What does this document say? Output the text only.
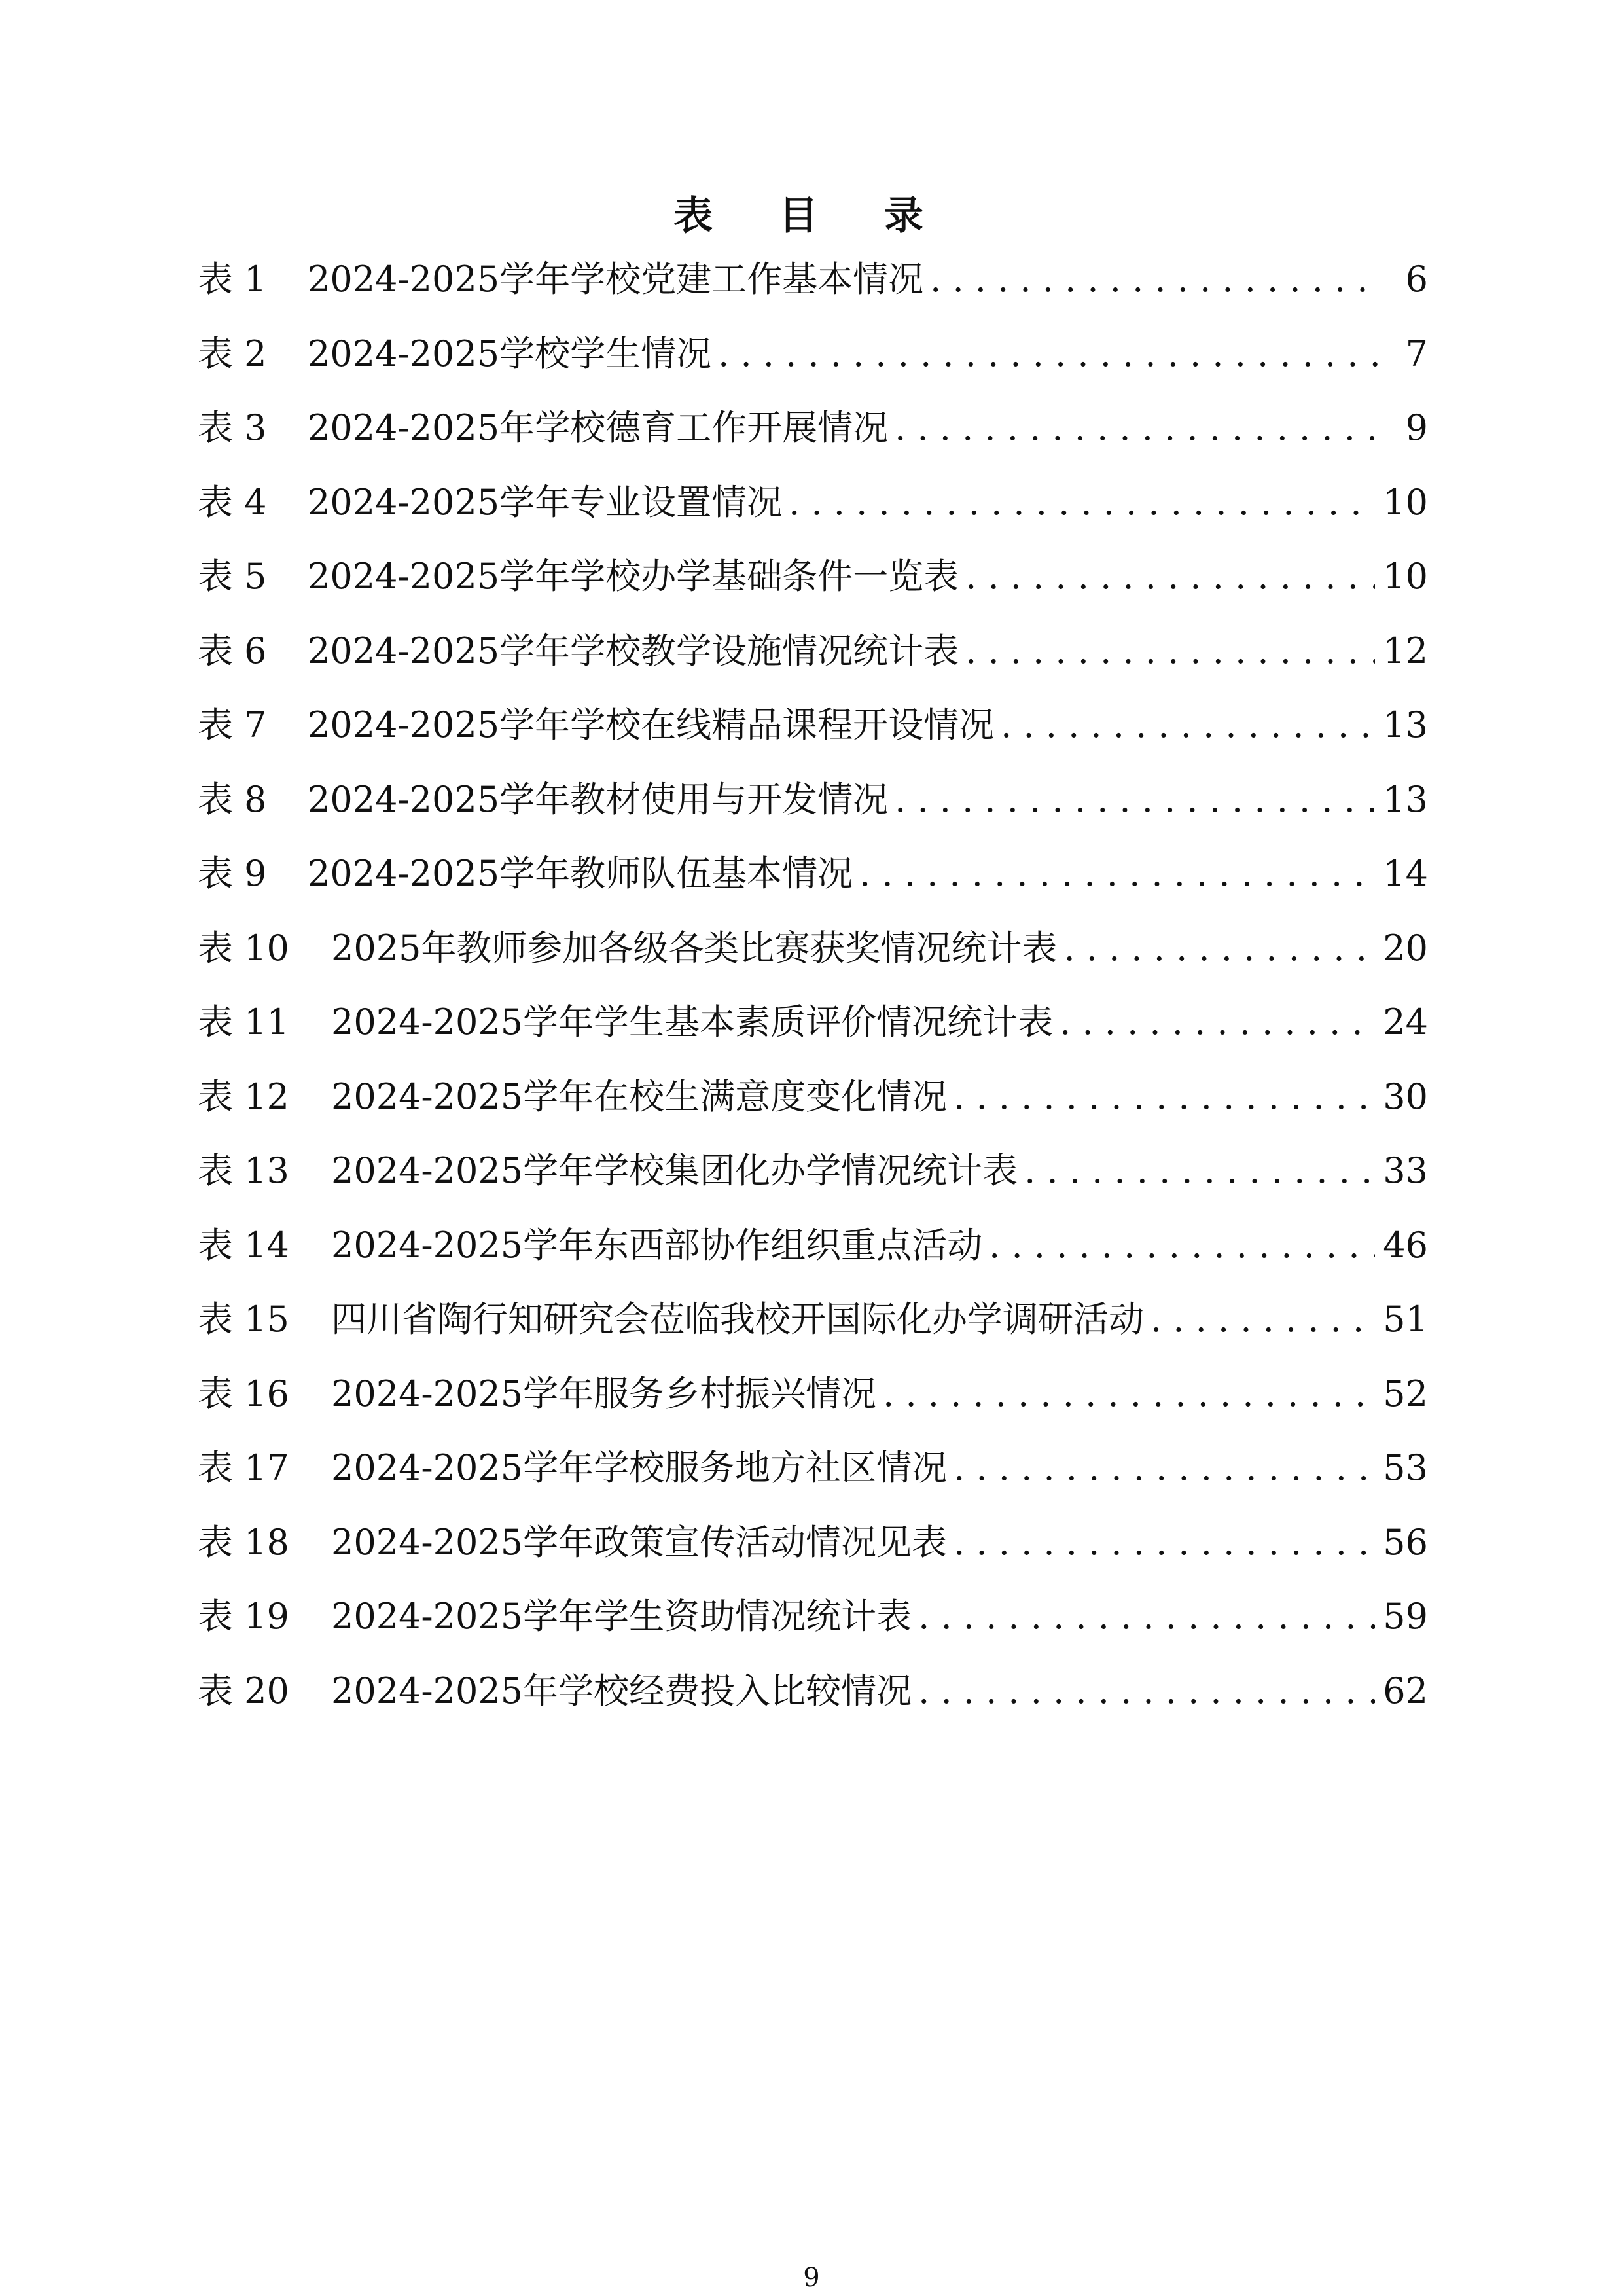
表 目 录
表 1	2024-2025学年学校党建工作基本情况 . . .	6
表 2	2024-2025学校学生情况 . . .	7
表 3	2024-2025年学校德育工作开展情况 . . .	9
表 4	2024-2025学年专业设置情况 . . .	10
表 5	2024-2025学年学校办学基础条件一览表 . . .	10
表 6	2024-2025学年学校教学设施情况统计表 . . .	12
表 7	2024-2025学年学校在线精品课程开设情况 . . .	13
表 8	2024-2025学年教材使用与开发情况 . . .	13
表 9	2024-2025学年教师队伍基本情况 . . .	14
表 10	2025年教师参加各级各类比赛获奖情况统计表 . . .	20
表 11	2024-2025学年学生基本素质评价情况统计表 . . .	24
表 12	2024-2025学年在校生满意度变化情况 . . .	30
表 13	2024-2025学年学校集团化办学情况统计表 . . .	33
表 14	2024-2025学年东西部协作组织重点活动 . . .	46
表 15	四川省陶行知研究会莅临我校开国际化办学调研活动 . . .	51
表 16	2024-2025学年服务乡村振兴情况 . . .	52
表 17	2024-2025学年学校服务地方社区情况 . . .	53
表 18	2024-2025学年政策宣传活动情况见表 . . .	56
表 19	2024-2025学年学生资助情况统计表 . . .	59
表 20	2024-2025年学校经费投入比较情况 . . .	62
9
